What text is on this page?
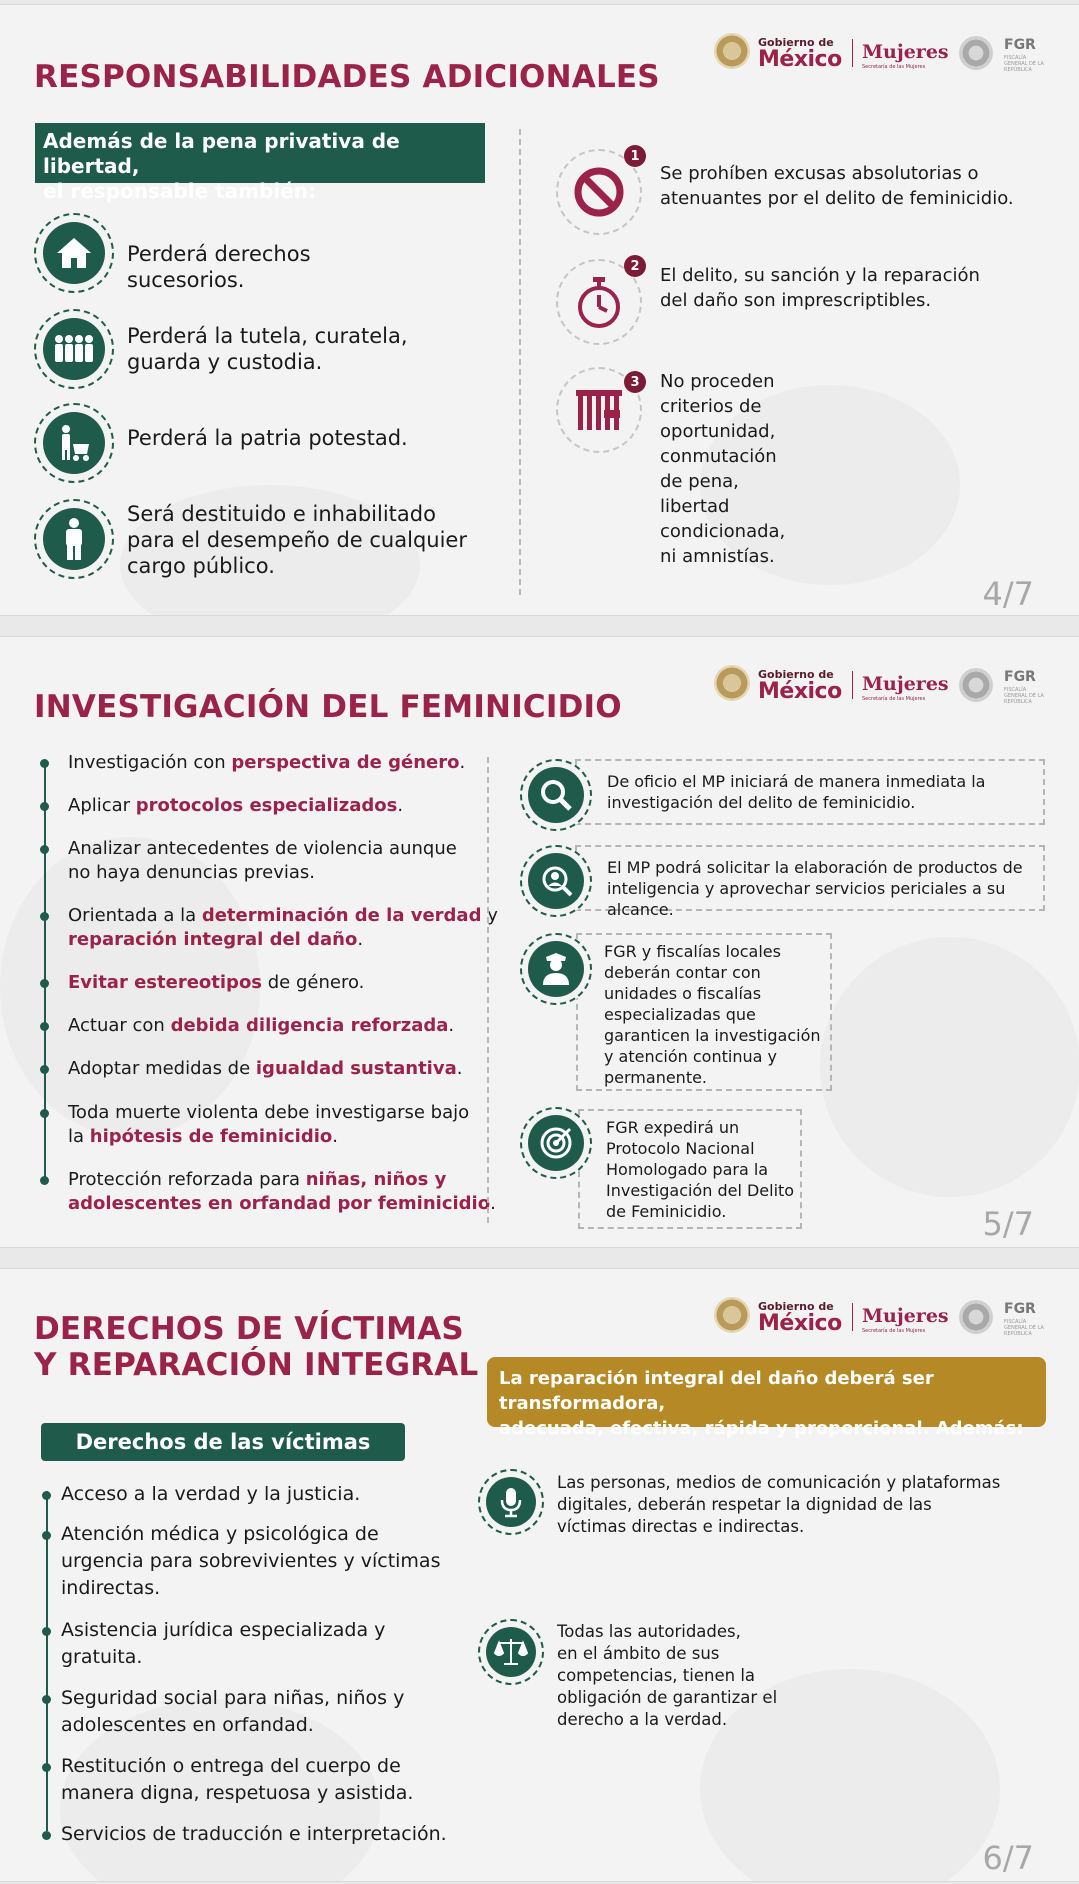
Gobierno de
México Mujeres
Secretaría de las Mujeres
FGR
FISCALÍA GENERAL DE LA REPÚBLICA
RESPONSABILIDADES ADICIONALES
Además de la pena privativa de libertad,
el responsable también:
Perderá derechos
sucesorios.
Perderá la tutela, curatela,
guarda y custodia.
Perderá la patria potestad.
Será destituido e inhabilitado
para el desempeño de cualquier
cargo público.
1
Se prohíben excusas absolutorias o
atenuantes por el delito de feminicidio.
2	El delito, su sanción y la reparación
del daño son imprescriptibles.
3	No proceden
criterios de
oportunidad,
conmutación
de pena,
libertad
condicionada,
ni amnistías.
4/7
Gobierno de
México Mujeres
Secretaría de las Mujeres
FGR
FISCALÍA GENERAL DE LA REPÚBLICA
INVESTIGACIÓN DEL FEMINICIDIO
Investigación con perspectiva de género.
Aplicar protocolos especializados.
Analizar antecedentes de violencia aunque
no haya denuncias previas.
Orientada a la determinación de la verdad y
reparación integral del daño.
Evitar estereotipos de género.
Actuar con debida diligencia reforzada.
Adoptar medidas de igualdad sustantiva.
Toda muerte violenta debe investigarse bajo
la hipótesis de feminicidio.
Protección reforzada para niñas, niños y
adolescentes en orfandad por feminicidio.
De oficio el MP iniciará de manera inmediata la
investigación del delito de feminicidio.
El MP podrá solicitar la elaboración de productos de
inteligencia y aprovechar servicios periciales a su alcance.
FGR y fiscalías locales
deberán contar con
unidades o fiscalías
especializadas que
garanticen la investigación
y atención continua y
permanente.
FGR expedirá un
Protocolo Nacional
Homologado para la
Investigación del Delito
de Feminicidio.	5/7
Gobierno de
México Mujeres
Secretaría de las Mujeres
FGR
FISCALÍA GENERAL DE LA REPÚBLICA
DERECHOS DE VÍCTIMAS
Y REPARACIÓN INTEGRAL
Derechos de las víctimas
Acceso a la verdad y la justicia.
Atención médica y psicológica de
urgencia para sobrevivientes y víctimas
indirectas.
Asistencia jurídica especializada y
gratuita.
Seguridad social para niñas, niños y
adolescentes en orfandad.
Restitución o entrega del cuerpo de
manera digna, respetuosa y asistida.
Servicios de traducción e interpretación.
La reparación integral del daño deberá ser transformadora,
adecuada, efectiva, rápida y proporcional. Además:
Las personas, medios de comunicación y plataformas
digitales, deberán respetar la dignidad de las
víctimas directas e indirectas.
Todas las autoridades,
en el ámbito de sus
competencias, tienen la
obligación de garantizar el
derecho a la verdad.
6/7
